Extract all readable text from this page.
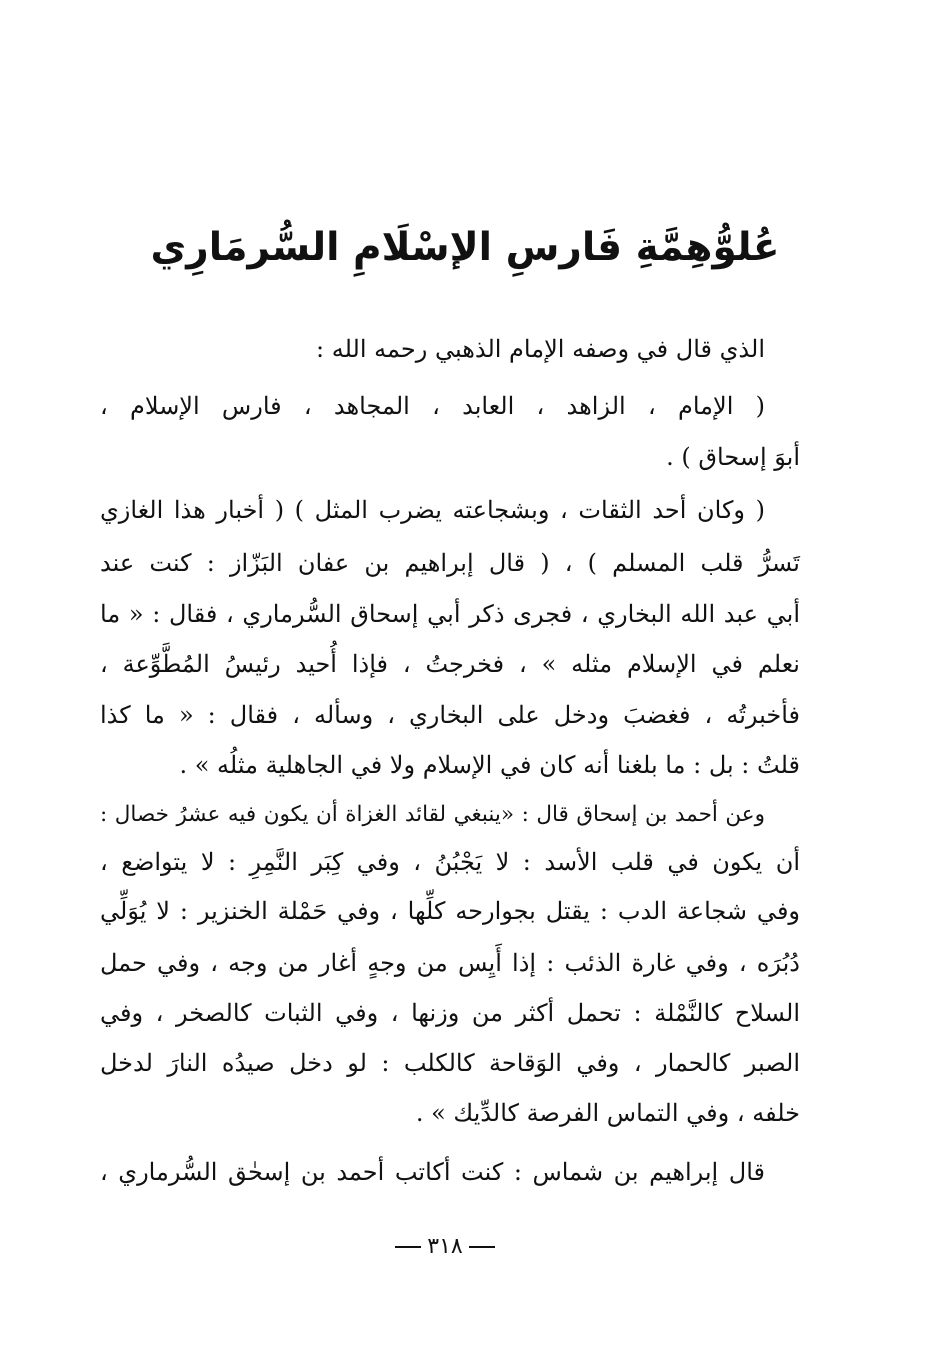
عُلوُّهِمَّةِ فَارسِ الإسْلَامِ السُّرمَارِي
الذي قال في وصفه الإمام الذهبي رحمه الله :
( الإمام ، الزاهد ، العابد ، المجاهد ، فارس الإسلام ،
أبوَ إسحاق ) .
( وكان أحد الثقات ، وبشجاعته يضرب المثل ) ( أخبار هذا الغازي
تَسرُّ قلب المسلم ) ، ( قال إبراهيم بن عفان البَزّاز : كنت عند
أبي عبد الله البخاري ، فجرى ذكر أبي إسحاق السُّرماري ، فقال : « ما
نعلم في الإسلام مثله » ، فخرجتُ ، فإذا أُحيد رئيسُ المُطَّوِّعة ،
فأخبرتُه ، فغضبَ ودخل على البخاري ، وسأله ، فقال : « ما كذا
قلتُ : بل : ما بلغنا أنه كان في الإسلام ولا في الجاهلية مثلُه » .
وعن أحمد بن إسحاق قال : «ينبغي لقائد الغزاة أن يكون فيه عشرُ خصال :
أن يكون في قلب الأسد : لا يَجْبُنُ ، وفي كِبَر النَّمِرِ : لا يتواضع ،
وفي شجاعة الدب : يقتل بجوارحه كلِّها ، وفي حَمْلة الخنزير : لا يُوَلِّي
دُبُرَه ، وفي غارة الذئب : إذا أَيِس من وجهٍ أغار من وجه ، وفي حمل
السلاح كالنَّمْلة : تحمل أكثر من وزنها ، وفي الثبات كالصخر ، وفي
الصبر كالحمار ، وفي الوَقاحة كالكلب : لو دخل صيدُه النارَ لدخل
خلفه ، وفي التماس الفرصة كالدِّيك » .
قال إبراهيم بن شماس : كنت أكاتب أحمد بن إسحٰق السُّرماري ،
٣١٨
